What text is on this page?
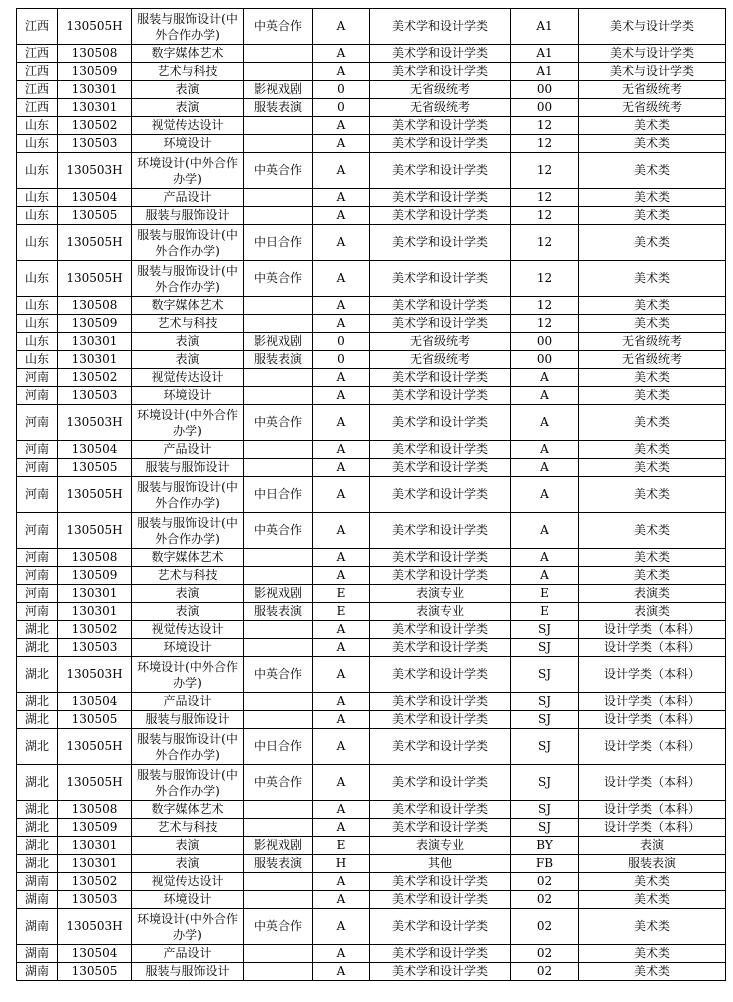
江西	130505H	服装与服饰设计(中外合作办学)	中英合作	A	美术学和设计学类	A1	美术与设计学类
江西	130508	数字媒体艺术		A	美术学和设计学类	A1	美术与设计学类
江西	130509	艺术与科技		A	美术学和设计学类	A1	美术与设计学类
江西	130301	表演	影视戏剧	0	无省级统考	00	无省级统考
江西	130301	表演	服装表演	0	无省级统考	00	无省级统考
山东	130502	视觉传达设计		A	美术学和设计学类	12	美术类
山东	130503	环境设计		A	美术学和设计学类	12	美术类
山东	130503H	环境设计(中外合作办学)	中英合作	A	美术学和设计学类	12	美术类
山东	130504	产品设计		A	美术学和设计学类	12	美术类
山东	130505	服装与服饰设计		A	美术学和设计学类	12	美术类
山东	130505H	服装与服饰设计(中外合作办学)	中日合作	A	美术学和设计学类	12	美术类
山东	130505H	服装与服饰设计(中外合作办学)	中英合作	A	美术学和设计学类	12	美术类
山东	130508	数字媒体艺术		A	美术学和设计学类	12	美术类
山东	130509	艺术与科技		A	美术学和设计学类	12	美术类
山东	130301	表演	影视戏剧	0	无省级统考	00	无省级统考
山东	130301	表演	服装表演	0	无省级统考	00	无省级统考
河南	130502	视觉传达设计		A	美术学和设计学类	A	美术类
河南	130503	环境设计		A	美术学和设计学类	A	美术类
河南	130503H	环境设计(中外合作办学)	中英合作	A	美术学和设计学类	A	美术类
河南	130504	产品设计		A	美术学和设计学类	A	美术类
河南	130505	服装与服饰设计		A	美术学和设计学类	A	美术类
河南	130505H	服装与服饰设计(中外合作办学)	中日合作	A	美术学和设计学类	A	美术类
河南	130505H	服装与服饰设计(中外合作办学)	中英合作	A	美术学和设计学类	A	美术类
河南	130508	数字媒体艺术		A	美术学和设计学类	A	美术类
河南	130509	艺术与科技		A	美术学和设计学类	A	美术类
河南	130301	表演	影视戏剧	E	表演专业	E	表演类
河南	130301	表演	服装表演	E	表演专业	E	表演类
湖北	130502	视觉传达设计		A	美术学和设计学类	SJ	设计学类（本科）
湖北	130503	环境设计		A	美术学和设计学类	SJ	设计学类（本科）
湖北	130503H	环境设计(中外合作办学)	中英合作	A	美术学和设计学类	SJ	设计学类（本科）
湖北	130504	产品设计		A	美术学和设计学类	SJ	设计学类（本科）
湖北	130505	服装与服饰设计		A	美术学和设计学类	SJ	设计学类（本科）
湖北	130505H	服装与服饰设计(中外合作办学)	中日合作	A	美术学和设计学类	SJ	设计学类（本科）
湖北	130505H	服装与服饰设计(中外合作办学)	中英合作	A	美术学和设计学类	SJ	设计学类（本科）
湖北	130508	数字媒体艺术		A	美术学和设计学类	SJ	设计学类（本科）
湖北	130509	艺术与科技		A	美术学和设计学类	SJ	设计学类（本科）
湖北	130301	表演	影视戏剧	E	表演专业	BY	表演
湖北	130301	表演	服装表演	H	其他	FB	服装表演
湖南	130502	视觉传达设计		A	美术学和设计学类	02	美术类
湖南	130503	环境设计		A	美术学和设计学类	02	美术类
湖南	130503H	环境设计(中外合作办学)	中英合作	A	美术学和设计学类	02	美术类
湖南	130504	产品设计		A	美术学和设计学类	02	美术类
湖南	130505	服装与服饰设计		A	美术学和设计学类	02	美术类
